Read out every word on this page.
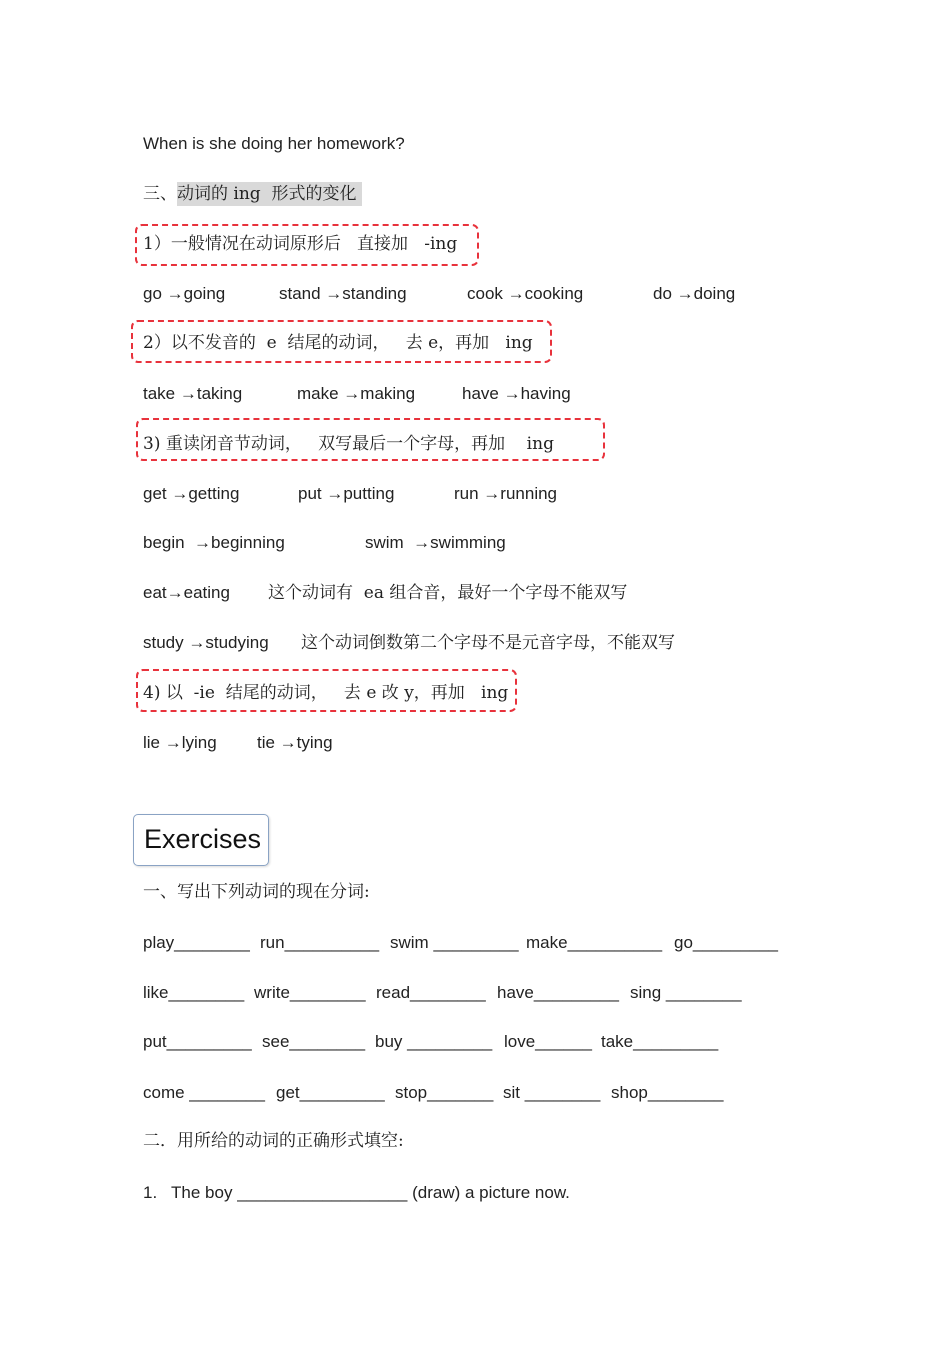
When is she doing her homework?
三、动词的 ing  形式的变化
1）一般情况在动词原形后   直接加   -ing
go →going	stand →standing	cook →cooking	do →doing
2）以不发音的  e  结尾的动词，   去 e，再加   ing
take →taking	make →making	have →having
3) 重读闭音节动词，   双写最后一个字母，再加    ing
get →getting	put →putting	run →running
begin  →beginning	swim  →swimming
eat→eating 这个动词有  ea 组合音，最好一个字母不能双写
study →studying 这个动词倒数第二个字母不是元音字母，不能双写
4) 以  -ie  结尾的动词，   去 e 改 y，再加   ing
lie →lying tie →tying
Exercises
一、写出下列动词的现在分词:
play________ run__________ swim _________ make__________ go_________
like________ write________ read________ have_________ sing ________
put_________ see________ buy _________ love______ take_________
come ________ get_________ stop_______ sit ________ shop________
二．用所给的动词的正确形式填空:
1.   The boy __________________ (draw) a picture now.
